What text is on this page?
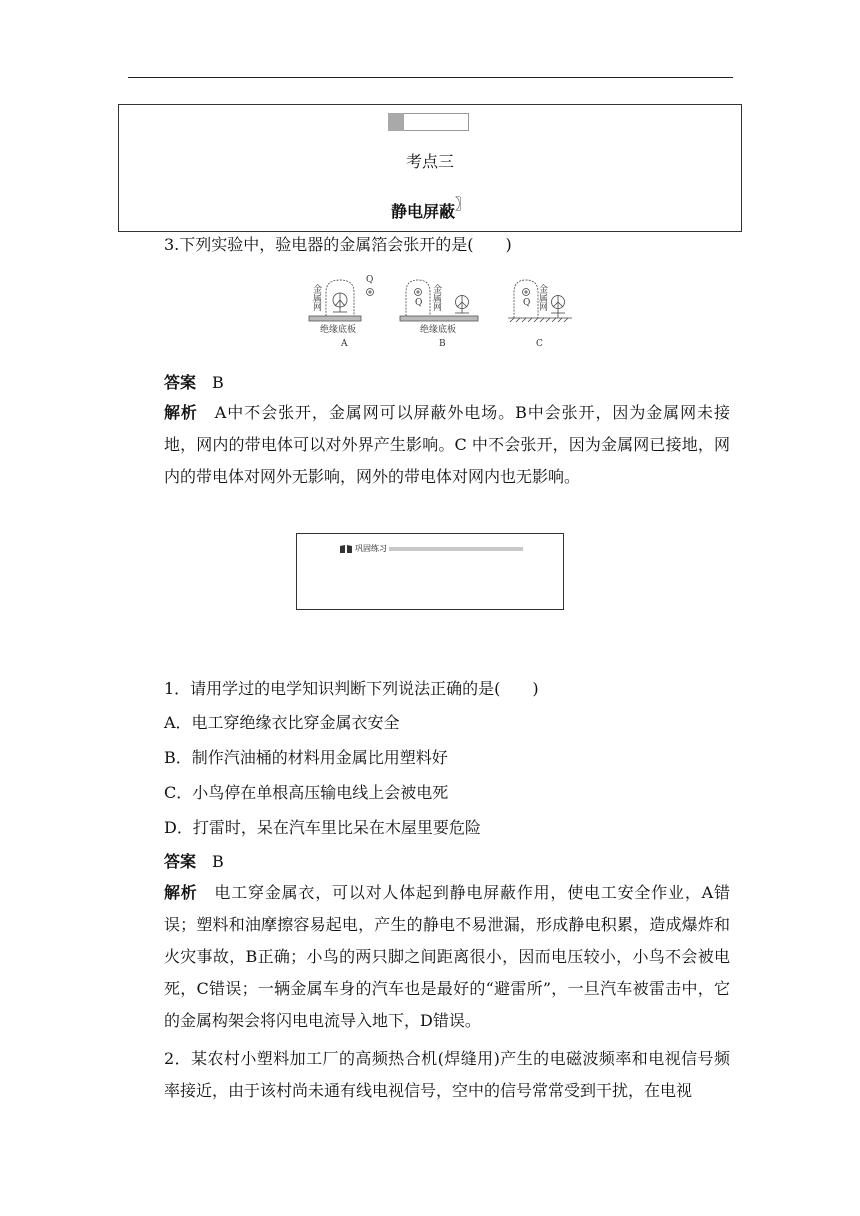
考点三
静电屏蔽〗
3.下列实验中，验电器的金属箔会张开的是(　　)
金属网
Q
金属网
Q	金属网
Q
绝缘底板	绝缘底板
A	B	C
答案　 B
解析　 A中不会张开，金属网可以屏蔽外电场。B中会张开，因为金属网未接地，网内的带电体可以对外界产生影响。C 中不会张开，因为金属网已接地，网内的带电体对网外无影响，网外的带电体对网内也无影响。
巩固练习
1．请用学过的电学知识判断下列说法正确的是(　　)
A．电工穿绝缘衣比穿金属衣安全
B．制作汽油桶的材料用金属比用塑料好
C．小鸟停在单根高压输电线上会被电死
D．打雷时，呆在汽车里比呆在木屋里要危险
答案　 B
解析　 电工穿金属衣，可以对人体起到静电屏蔽作用，使电工安全作业，A错误；塑料和油摩擦容易起电，产生的静电不易泄漏，形成静电积累，造成爆炸和火灾事故，B正确；小鸟的两只脚之间距离很小，因而电压较小，小鸟不会被电死，C错误；一辆金属车身的汽车也是最好的“避雷所”，一旦汽车被雷击中，它的金属构架会将闪电电流导入地下，D错误。
2．某农村小塑料加工厂的高频热合机(焊缝用)产生的电磁波频率和电视信号频率接近，由于该村尚未通有线电视信号，空中的信号常常受到干扰，在电视
